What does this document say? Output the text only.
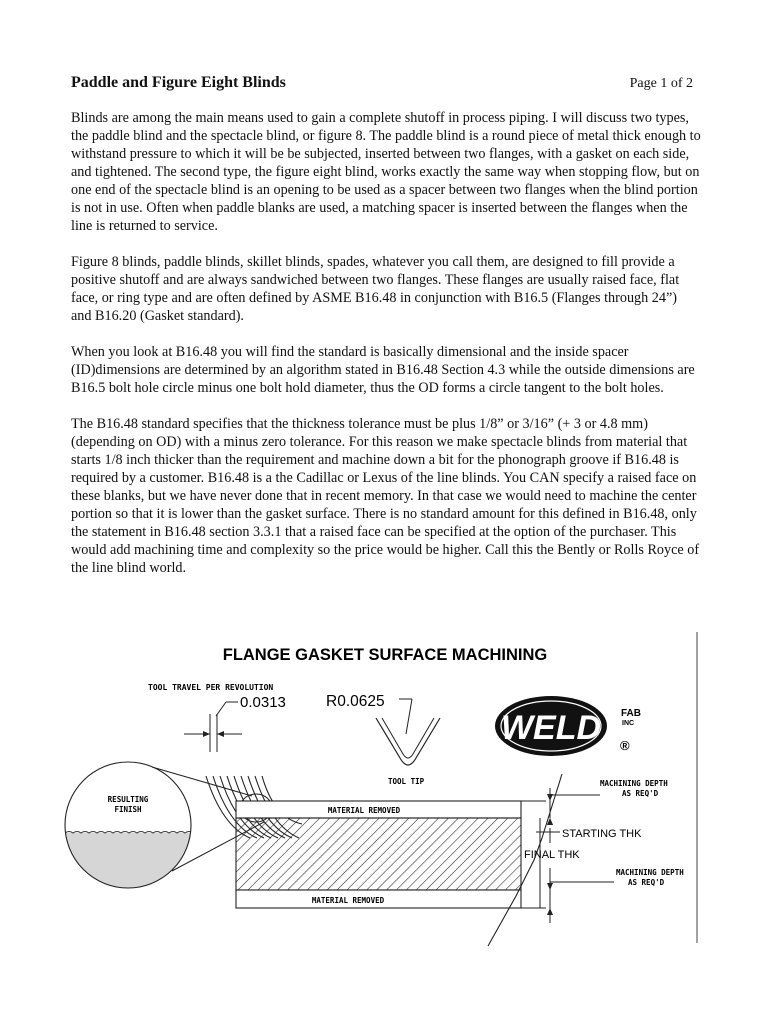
Paddle and Figure Eight Blinds	Page 1 of 2

Blinds are among the main means used to gain a complete shutoff in process piping. I will discuss two types, the paddle blind and the spectacle blind, or figure 8. The paddle blind is a round piece of metal thick enough to withstand pressure to which it will be be subjected, inserted between two flanges, with a gasket on each side, and tightened. The second type, the figure eight blind, works exactly the same way when stopping flow, but on one end of the spectacle blind is an opening to be used as a spacer between two flanges when the blind portion is not in use. Often when paddle blanks are used, a matching spacer is inserted between the flanges when the line is returned to service.

Figure 8 blinds, paddle blinds, skillet blinds, spades, whatever you call them, are designed to fill provide a positive shutoff and are always sandwiched between two flanges. These flanges are usually raised face, flat face, or ring type and are often defined by ASME B16.48 in conjunction with B16.5 (Flanges through 24”) and B16.20 (Gasket standard).

When you look at B16.48 you will find the standard is basically dimensional and the inside spacer (ID)dimensions are determined by an algorithm stated in B16.48 Section 4.3 while the outside dimensions are B16.5 bolt hole circle minus one bolt hold diameter, thus the OD forms a circle tangent to the bolt holes.

The B16.48 standard specifies that the thickness tolerance must be plus 1/8” or 3/16” (+ 3 or 4.8 mm) (depending on OD) with a minus zero tolerance. For this reason we make spectacle blinds from material that starts 1/8 inch thicker than the requirement and machine down a bit for the phonograph groove if B16.48 is required by a customer. B16.48 is a the Cadillac or Lexus of the line blinds. You CAN specify a raised face on these blanks, but we have never done that in recent memory. In that case we would need to machine the center portion so that it is lower than the gasket surface. There is no standard amount for this defined in B16.48, only the statement in B16.48 section 3.3.1 that a raised face can be specified at the option of the purchaser. This would add machining time and complexity so the price would be higher. Call this the Bently or Rolls Royce of the line blind world.

FLANGE GASKET SURFACE MACHINING
TOOL TRAVEL PER REVOLUTION
0.0313	R0.0625
TOOL TIP
WELD FAB
INC
®
RESULTING
FINISH	MATERIAL REMOVED
MATERIAL REMOVED
MACHINING DEPTH
AS REQ'D
STARTING THK
FINAL THK
MACHINING DEPTH
AS REQ'D
